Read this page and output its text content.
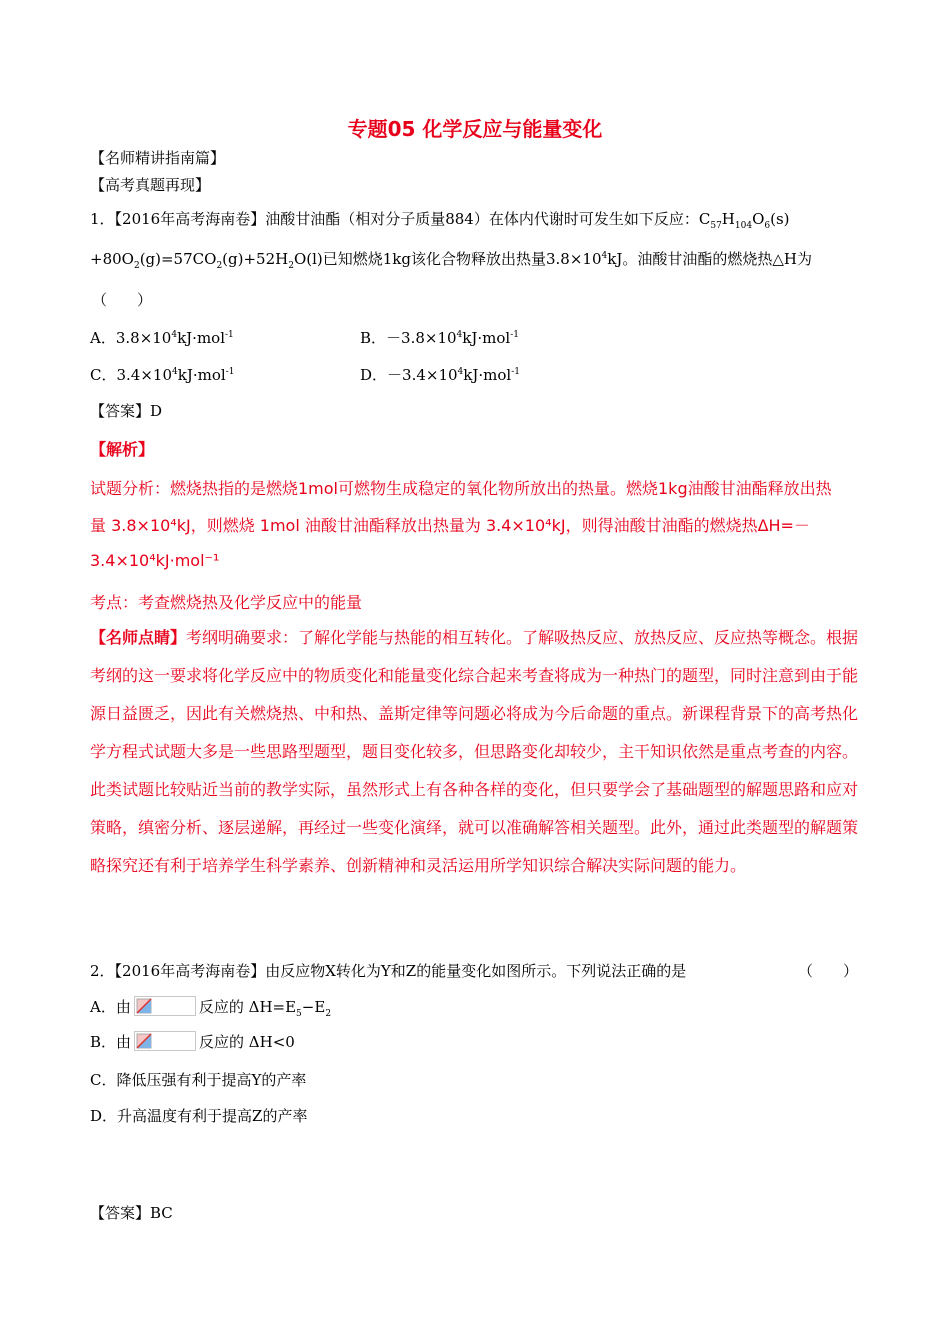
专题05 化学反应与能量变化
【名师精讲指南篇】
【高考真题再现】
1．【2016年高考海南卷】油酸甘油酯（相对分子质量884）在体内代谢时可发生如下反应：$C_{57}H_{104}O_6(s)$
$+80O_2(g)=57CO_2(g)+52H_2O(l)$已知燃烧1kg该化合物释放出热量$3.8\times 10^4kJ$。油酸甘油酯的燃烧热△H为
（　　）
A．$3.8\times 10^4kJ\cdot mol^{-1}$	B．$-3.8\times 10^4kJ\cdot mol^{-1}$
C．$3.4\times 10^4kJ\cdot mol^{-1}$	D．$-3.4\times 10^4kJ\cdot mol^{-1}$
【答案】D
【解析】
试题分析：燃烧热指的是燃烧1mol可燃物生成稳定的氧化物所放出的热量。燃烧1kg油酸甘油酯释放出热
量 3.8×10⁴kJ，则燃烧 1mol 油酸甘油酯释放出热量为 3.4×10⁴kJ，则得油酸甘油酯的燃烧热ΔH=－
3.4×10⁴kJ·mol⁻¹
考点：考查燃烧热及化学反应中的能量
【名师点睛】考纲明确要求：了解化学能与热能的相互转化。了解吸热反应、放热反应、反应热等概念。根据考纲的这一要求将化学反应中的物质变化和能量变化综合起来考查将成为一种热门的题型，同时注意到由于能源日益匮乏，因此有关燃烧热、中和热、盖斯定律等问题必将成为今后命题的重点。新课程背景下的高考热化学方程式试题大多是一些思路型题型，题目变化较多，但思路变化却较少，主干知识依然是重点考查的内容。此类试题比较贴近当前的教学实际，虽然形式上有各种各样的变化，但只要学会了基础题型的解题思路和应对策略，缜密分析、逐层递解，再经过一些变化演绎，就可以准确解答相关题型。此外，通过此类题型的解题策略探究还有利于培养学生科学素养、创新精神和灵活运用所学知识综合解决实际问题的能力。
2．【2016年高考海南卷】由反应物X转化为Y和Z的能量变化如图所示。下列说法正确的是	（　　）
A．由	反应的 $\Delta H=E_5-E_2$
B．由	反应的 ΔH<0
C．降低压强有利于提高Y的产率
D．升高温度有利于提高Z的产率
【答案】BC
